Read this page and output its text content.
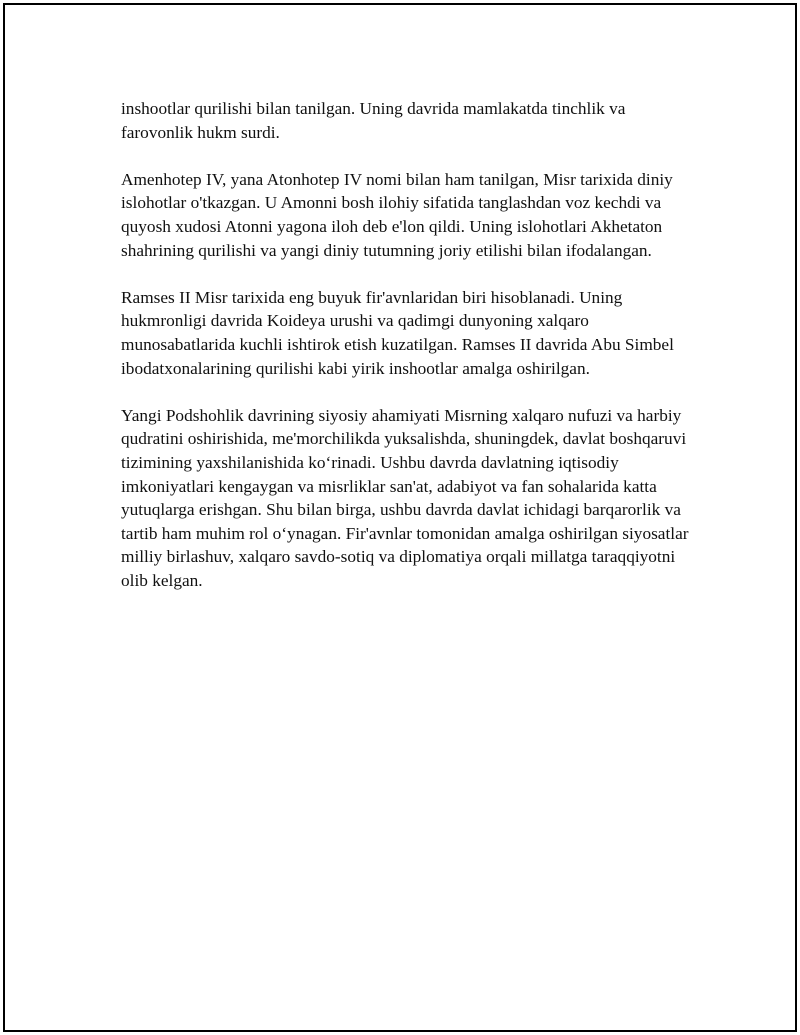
inshootlar qurilishi bilan tanilgan. Uning davrida mamlakatda tinchlik va farovonlik hukm surdi.

Amenhotep IV, yana Atonhotep IV nomi bilan ham tanilgan, Misr tarixida diniy islohotlar o'tkazgan. U Amonni bosh ilohiy sifatida tanglashdan voz kechdi va quyosh xudosi Atonni yagona iloh deb e'lon qildi. Uning islohotlari Akhetaton shahrining qurilishi va yangi diniy tutumning joriy etilishi bilan ifodalangan.

Ramses II Misr tarixida eng buyuk fir'avnlaridan biri hisoblanadi. Uning hukmronligi davrida Koideya urushi va qadimgi dunyoning xalqaro munosabatlarida kuchli ishtirok etish kuzatilgan. Ramses II davrida Abu Simbel ibodatxonalarining qurilishi kabi yirik inshootlar amalga oshirilgan.

Yangi Podshohlik davrining siyosiy ahamiyati Misrning xalqaro nufuzi va harbiy qudratini oshirishida, me'morchilikda yuksalishda, shuningdek, davlat boshqaruvi tizimining yaxshilanishida ko‘rinadi. Ushbu davrda davlatning iqtisodiy imkoniyatlari kengaygan va misrliklar san'at, adabiyot va fan sohalarida katta yutuqlarga erishgan. Shu bilan birga, ushbu davrda davlat ichidagi barqarorlik va tartib ham muhim rol o‘ynagan. Fir'avnlar tomonidan amalga oshirilgan siyosatlar milliy birlashuv, xalqaro savdo-sotiq va diplomatiya orqali millatga taraqqiyotni olib kelgan.
